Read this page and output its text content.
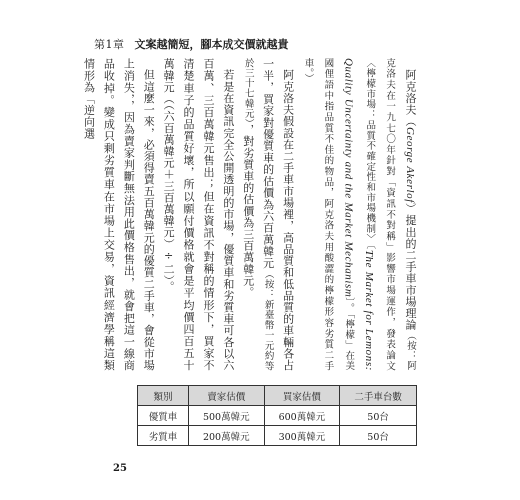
第1章 文案越簡短，腳本成交價就越貴

阿克洛夫（George Akerlof）提出的二手車市場理論（按：阿克洛夫在一九七〇年針對「資訊不對稱」影響市場運作，發表論文〈檸檬市場：品質不確定性和市場機制〉〔The Market for Lemons: Quality Uncertainty and the Market Mechanism〕。「檸檬」在美國俚語中指品質不佳的物品，阿克洛夫用酸澀的檸檬形容劣質二手車。）

阿克洛夫假設在二手車市場裡，高品質和低品質的車輛各占一半，買家對優質車的估價為六百萬韓元（按：新臺幣一元約等於三十七韓元），對劣質車的估價為三百萬韓元。

若是在資訊完全公開透明的市場，優質車和劣質車可各以六百萬、三百萬韓元售出；但在資訊不對稱的情形下，買家不清楚車子的品質好壞，所以願付價格就會是平均價四百五十萬韓元（（六百萬韓元＋三百萬韓元）÷二）。

但這麼一來，必須得賣五百萬韓元的優質二手車，會從市場上消失，，因為賣家判斷無法用此價格售出，就會把這一線商品收掉。變成只剩劣質車在市場上交易，資訊經濟學稱這類情形為「逆向選

類別	賣家估價	買家估價	二手車台數
優質車	500萬韓元	600萬韓元	50台
劣質車	200萬韓元	300萬韓元	50台
25
